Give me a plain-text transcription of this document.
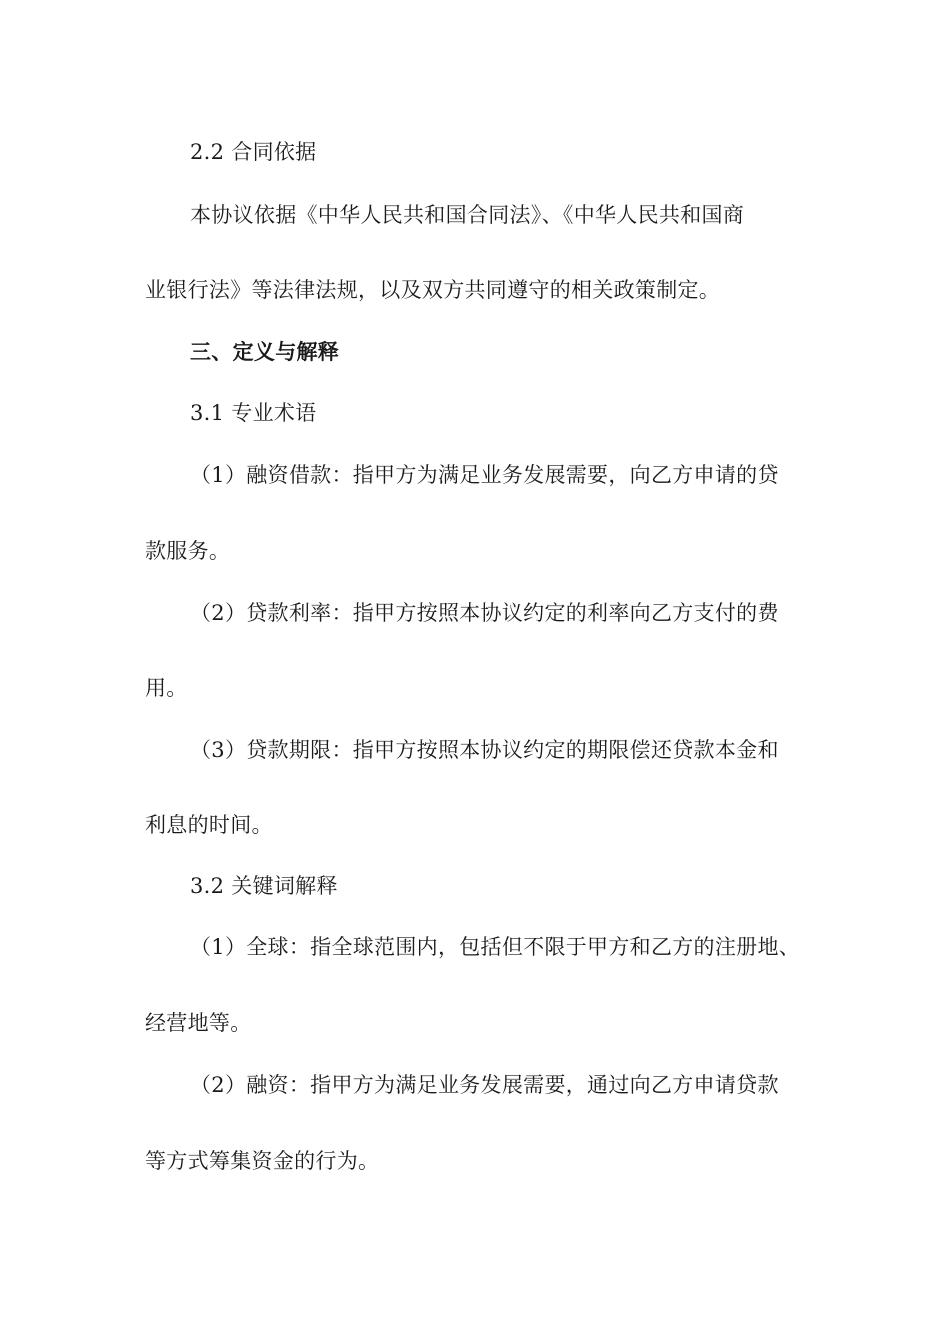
2.2 合同依据
本协议依据《中华人民共和国合同法》、《中华人民共和国商
业银行法》等法律法规，以及双方共同遵守的相关政策制定。
三、定义与解释
3.1 专业术语
（1）融资借款：指甲方为满足业务发展需要，向乙方申请的贷
款服务。
（2）贷款利率：指甲方按照本协议约定的利率向乙方支付的费
用。
（3）贷款期限：指甲方按照本协议约定的期限偿还贷款本金和
利息的时间。
3.2 关键词解释
（1）全球：指全球范围内，包括但不限于甲方和乙方的注册地、
经营地等。
（2）融资：指甲方为满足业务发展需要，通过向乙方申请贷款
等方式筹集资金的行为。
